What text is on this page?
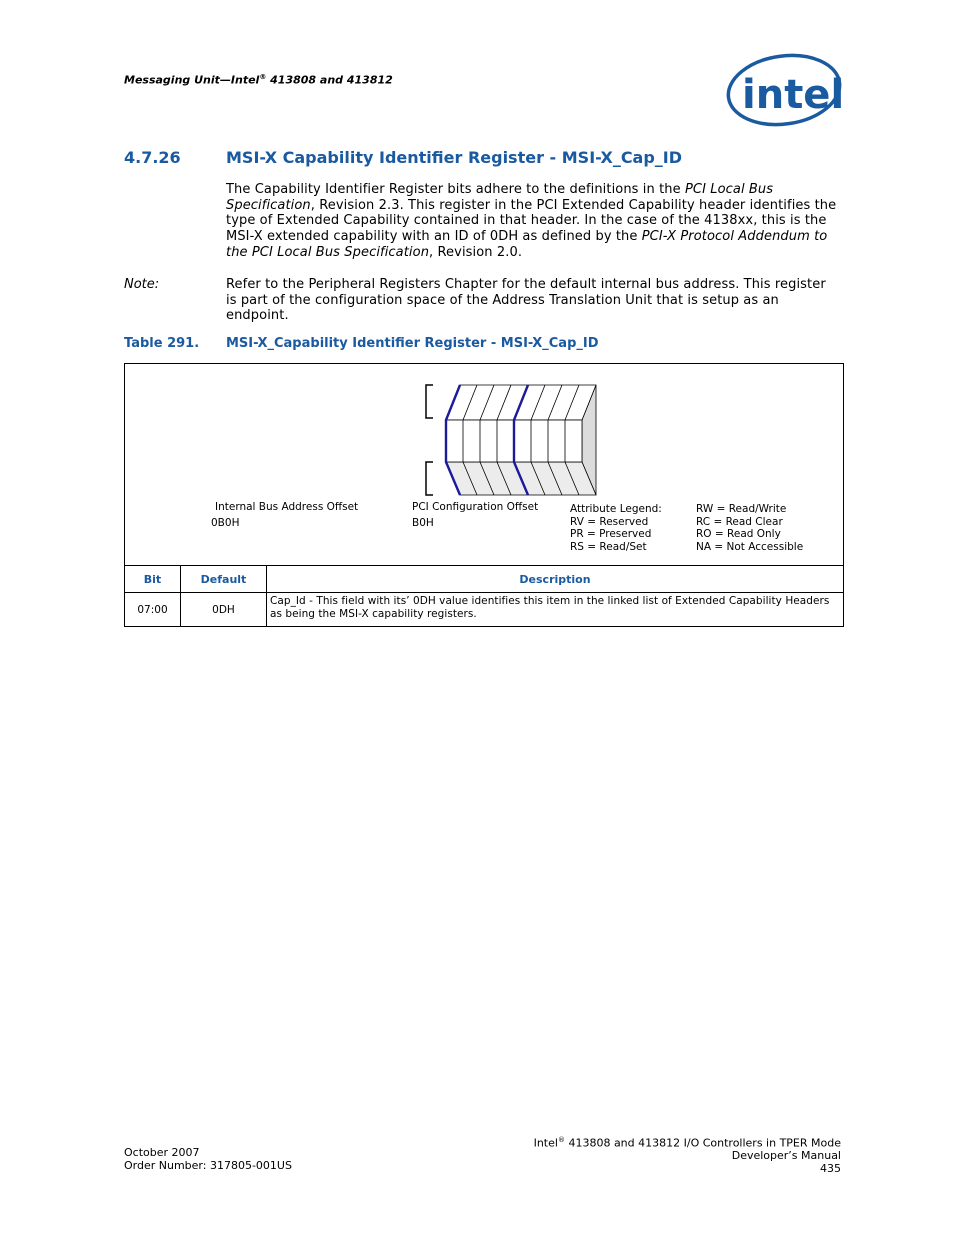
Messaging Unit—Intel® 413808 and 413812	intel
4.7.26	MSI-X Capability Identifier Register - MSI-X_Cap_ID

The Capability Identifier Register bits adhere to the definitions in the PCI Local Bus Specification, Revision 2.3. This register in the PCI Extended Capability header identifies the type of Extended Capability contained in that header. In the case of the 4138xx, this is the MSI-X extended capability with an ID of 0DH as defined by the PCI-X Protocol Addendum to the PCI Local Bus Specification, Revision 2.0.

Note:	Refer to the Peripheral Registers Chapter for the default internal bus address. This register is part of the configuration space of the Address Translation Unit that is setup as an endpoint.
Table 291. MSI-X_Capability Identifier Register - MSI-X_Cap_ID
Internal Bus Address Offset
0B0H
PCI Configuration Offset
B0H
Attribute Legend:
RV = Reserved
PR = Preserved
RS = Read/Set
RW = Read/Write
RC = Read Clear
RO = Read Only
NA = Not Accessible
Bit	Default	Description
07:00	0DH	Cap_Id - This field with its’ 0DH value identifies this item in the linked list of Extended Capability Headers as being the MSI-X capability registers.
October 2007
Order Number: 317805-001US
Intel® 413808 and 413812 I/O Controllers in TPER Mode
Developer’s Manual
435
